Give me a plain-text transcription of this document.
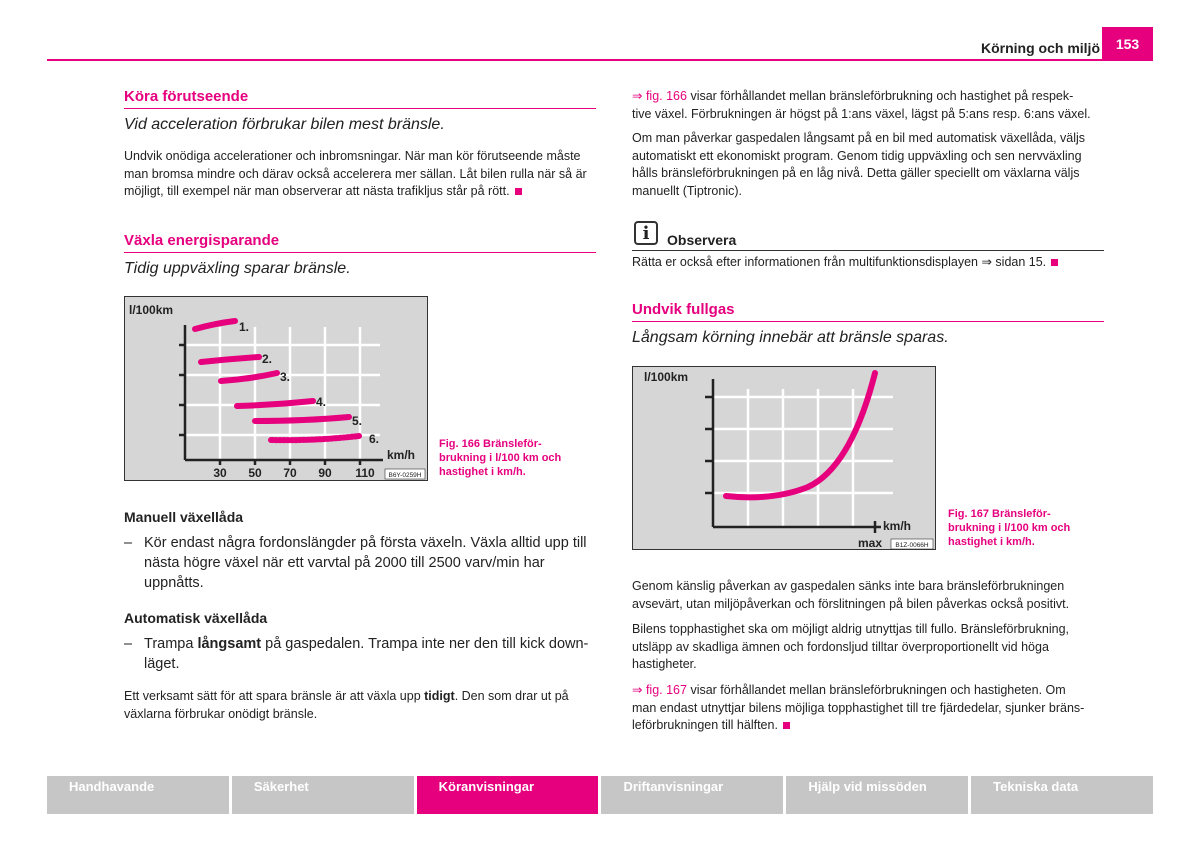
Körning och miljö	153
Köra förutseende
Vid acceleration förbrukar bilen mest bränsle.
Undvik onödiga accelerationer och inbromsningar. När man kör förutseende måste
man bromsa mindre och därav också accelerera mer sällan. Låt bilen rulla när så är
möjligt, till exempel när man observerar att nästa trafikljus står på rött.
Växla energisparande
Tidig uppväxling sparar bränsle.
1.
2.
3.
4.
5.
6.
l/100km
km/h
30 50 70 90 110 B6Y-0259H
Fig. 166 Bränsleför-
brukning i l/100 km och
hastighet i km/h.
Manuell växellåda
– Kör endast några fordonslängder på första växeln. Växla alltid upp till
nästa högre växel när ett varvtal på 2000 till 2500 varv/min har
uppnåtts.
Automatisk växellåda
– Trampa långsamt på gaspedalen. Trampa inte ner den till kick down-
läget.
Ett verksamt sätt för att spara bränsle är att växla upp tidigt. Den som drar ut på
växlarna förbrukar onödigt bränsle.
⇒ fig. 166 visar förhållandet mellan bränsleförbrukning och hastighet på respek-
tive växel. Förbrukningen är högst på 1:ans växel, lägst på 5:ans resp. 6:ans växel.
Om man påverkar gaspedalen långsamt på en bil med automatisk växellåda, väljs
automatiskt ett ekonomiskt program. Genom tidig uppväxling och sen nervväxling
hålls bränsleförbrukningen på en låg nivå. Detta gäller speciellt om växlarna väljs
manuellt (Tiptronic).
i	Observera
Rätta er också efter informationen från multifunktionsdisplayen ⇒ sidan 15.
Undvik fullgas
Långsam körning innebär att bränsle sparas.
l/100km
km/h
max B1Z-0066H
Fig. 167 Bränsleför-
brukning i l/100 km och
hastighet i km/h.
Genom känslig påverkan av gaspedalen sänks inte bara bränsleförbrukningen
avsevärt, utan miljöpåverkan och förslitningen på bilen påverkas också positivt.
Bilens topphastighet ska om möjligt aldrig utnyttjas till fullo. Bränsleförbrukning,
utsläpp av skadliga ämnen och fordonsljud tilltar överproportionellt vid höga
hastigheter.
⇒ fig. 167 visar förhållandet mellan bränsleförbrukningen och hastigheten. Om
man endast utnyttjar bilens möjliga topphastighet till tre fjärdedelar, sjunker bräns-
leförbrukningen till hälften.
Handhavande	Säkerhet	Köranvisningar	Driftanvisningar	Hjälp vid missöden	Tekniska data
